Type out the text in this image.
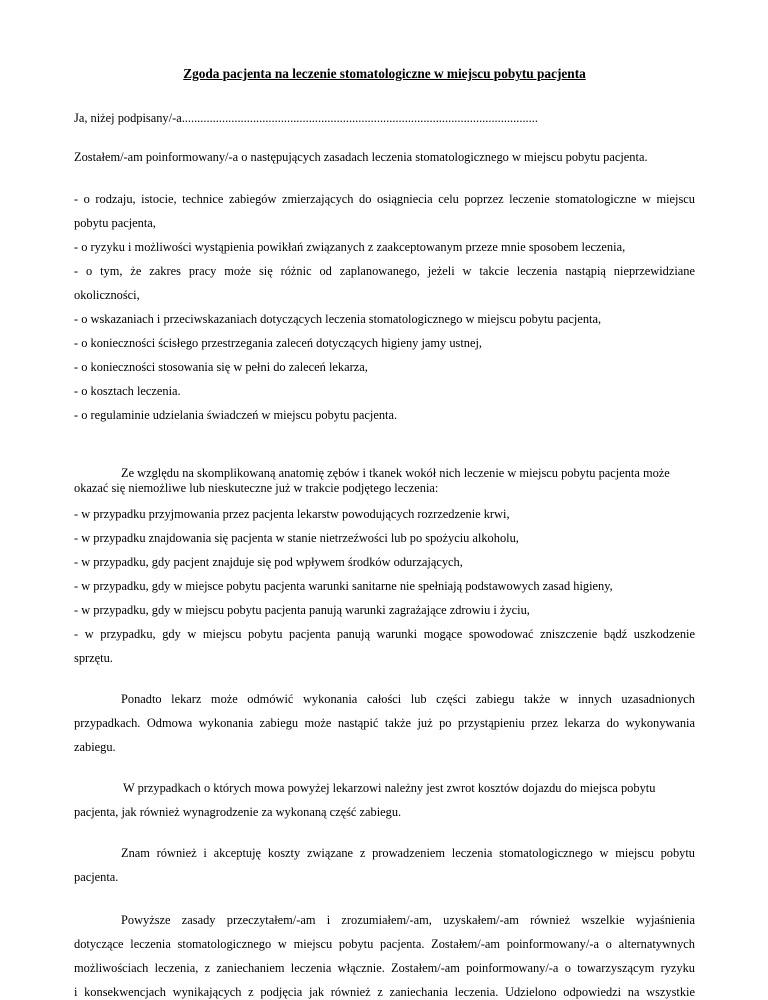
Zgoda pacjenta na leczenie stomatologiczne w miejscu pobytu pacjenta
Ja, niżej podpisany/-a...................................................................................................................
Zostałem/-am poinformowany/-a o następujących zasadach leczenia stomatologicznego w miejscu pobytu pacjenta.
- o rodzaju, istocie, technice zabiegów zmierzających do osiągniecia celu poprzez leczenie stomatologiczne w miejscu
pobytu pacjenta,
- o ryzyku i możliwości wystąpienia powikłań związanych z zaakceptowanym przeze mnie sposobem leczenia,
- o tym, że zakres pracy może się różnic od zaplanowanego, jeżeli w takcie leczenia nastąpią nieprzewidziane
okoliczności,
- o wskazaniach i przeciwskazaniach dotyczących leczenia stomatologicznego w miejscu pobytu pacjenta,
- o konieczności ścisłego przestrzegania zaleceń dotyczących higieny jamy ustnej,
- o konieczności stosowania się w pełni do zaleceń lekarza,
- o kosztach leczenia.
- o regulaminie udzielania świadczeń w miejscu pobytu pacjenta.
Ze względu na skomplikowaną anatomię zębów i tkanek wokół nich leczenie w miejscu pobytu pacjenta może
okazać się niemożliwe lub nieskuteczne już w trakcie podjętego leczenia:
- w przypadku przyjmowania przez pacjenta lekarstw powodujących rozrzedzenie krwi,
- w przypadku znajdowania się pacjenta w stanie nietrzeźwości lub po spożyciu alkoholu,
- w przypadku, gdy pacjent znajduje się pod wpływem środków odurzających,
- w przypadku, gdy w miejsce pobytu pacjenta warunki sanitarne nie spełniają podstawowych zasad higieny,
- w przypadku, gdy w miejscu pobytu pacjenta panują warunki zagrażające zdrowiu i życiu,
- w przypadku, gdy w miejscu pobytu pacjenta panują warunki mogące spowodować zniszczenie bądź uszkodzenie
sprzętu.
Ponadto lekarz może odmówić wykonania całości lub części zabiegu także w innych uzasadnionych
przypadkach. Odmowa wykonania zabiegu może nastąpić także już po przystąpieniu przez lekarza do wykonywania
zabiegu.
W przypadkach o których mowa powyżej lekarzowi należny jest zwrot kosztów dojazdu do miejsca pobytu
pacjenta, jak również wynagrodzenie za wykonaną część zabiegu.
Znam również i akceptuję koszty związane z prowadzeniem leczenia stomatologicznego w miejscu pobytu
pacjenta.
Powyższe zasady przeczytałem/-am i zrozumiałem/-am, uzyskałem/-am również wszelkie wyjaśnienia
dotyczące leczenia stomatologicznego w miejscu pobytu pacjenta. Zostałem/-am poinformowany/-a o alternatywnych
możliwościach leczenia, z zaniechaniem leczenia włącznie. Zostałem/-am poinformowany/-a o towarzyszącym ryzyku
i konsekwencjach wynikających z podjęcia jak również z zaniechania leczenia. Udzielono odpowiedzi na wszystkie
